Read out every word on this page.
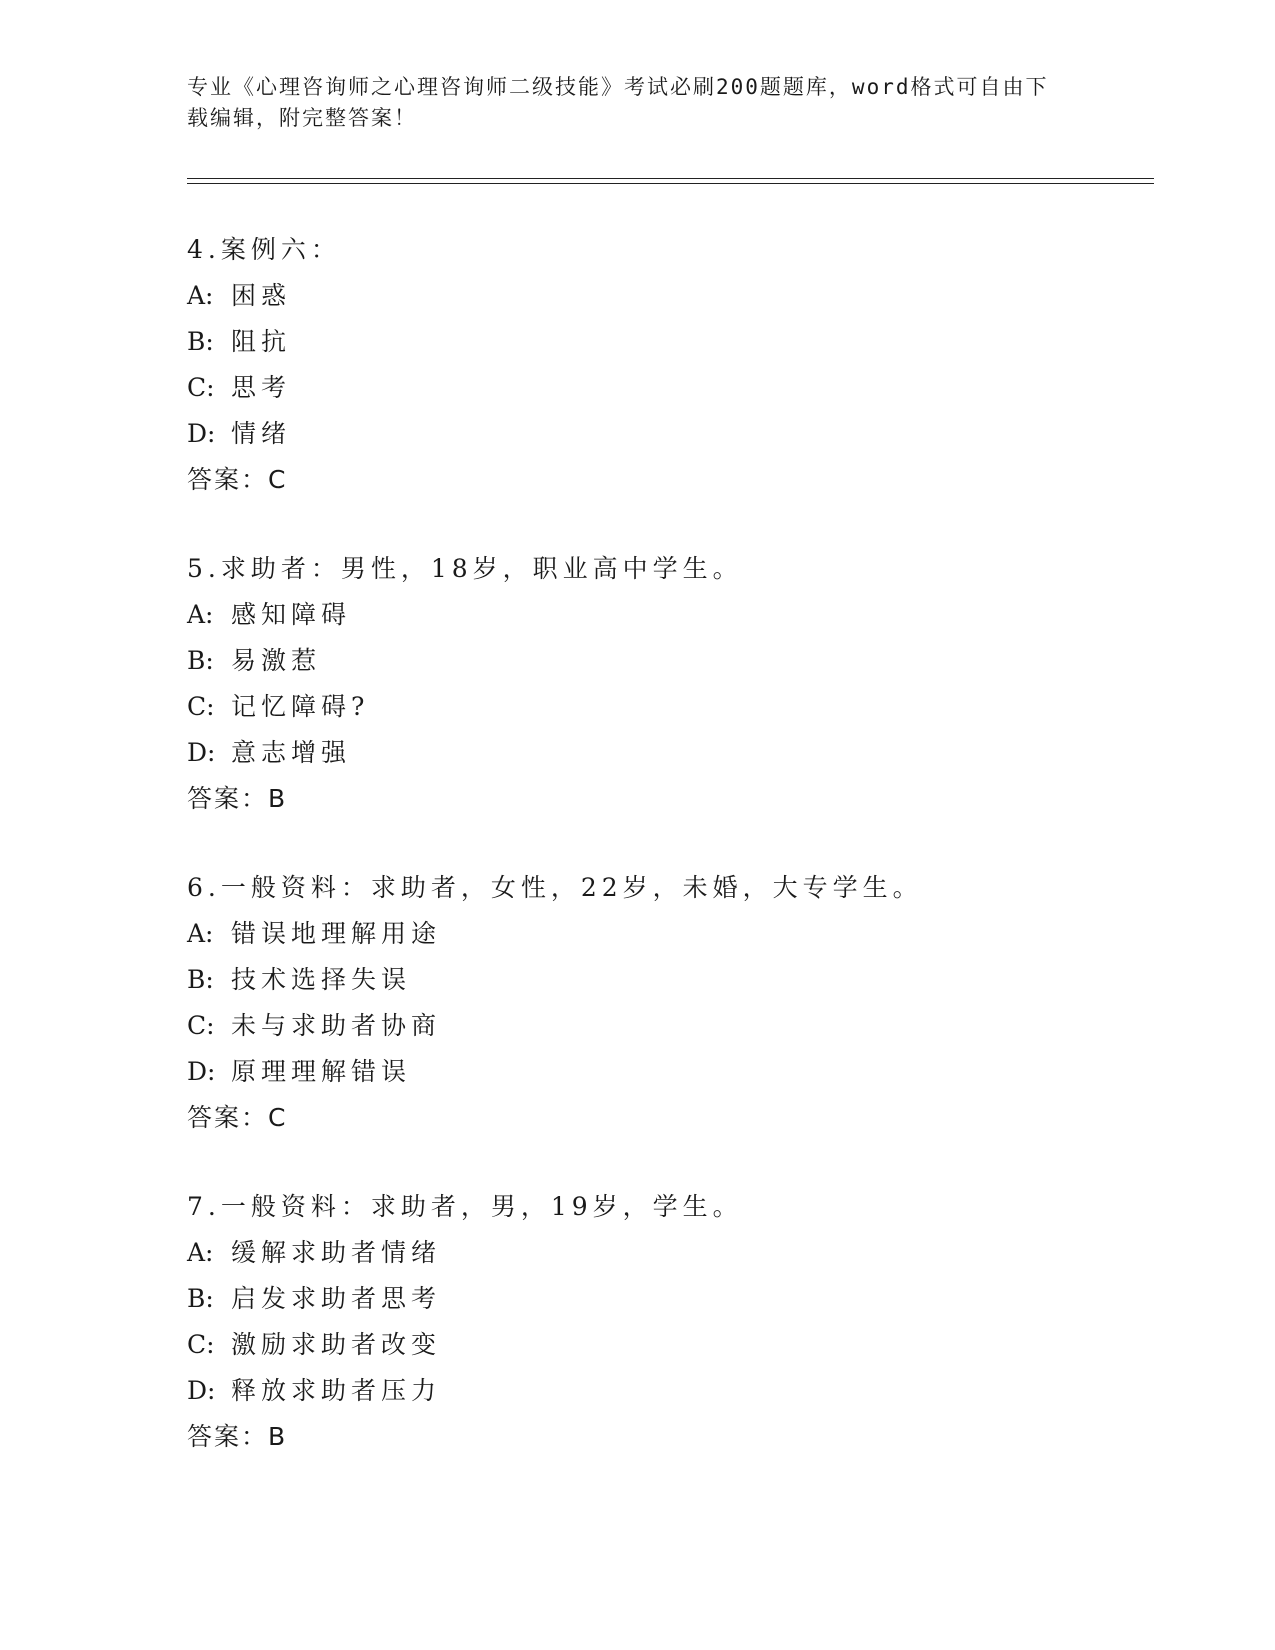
专业《心理咨询师之心理咨询师二级技能》考试必刷200题题库，word格式可自由下载编辑，附完整答案！
4.案例六：
A: 困惑
B: 阻抗
C: 思考
D: 情绪
答案：C
5.求助者：男性，18岁，职业高中学生。
A: 感知障碍
B: 易激惹
C: 记忆障碍?
D: 意志增强
答案：B
6.一般资料：求助者，女性，22岁，未婚，大专学生。
A: 错误地理解用途
B: 技术选择失误
C: 未与求助者协商
D: 原理理解错误
答案：C
7.一般资料：求助者，男，19岁，学生。
A: 缓解求助者情绪
B: 启发求助者思考
C: 激励求助者改变
D: 释放求助者压力
答案：B
